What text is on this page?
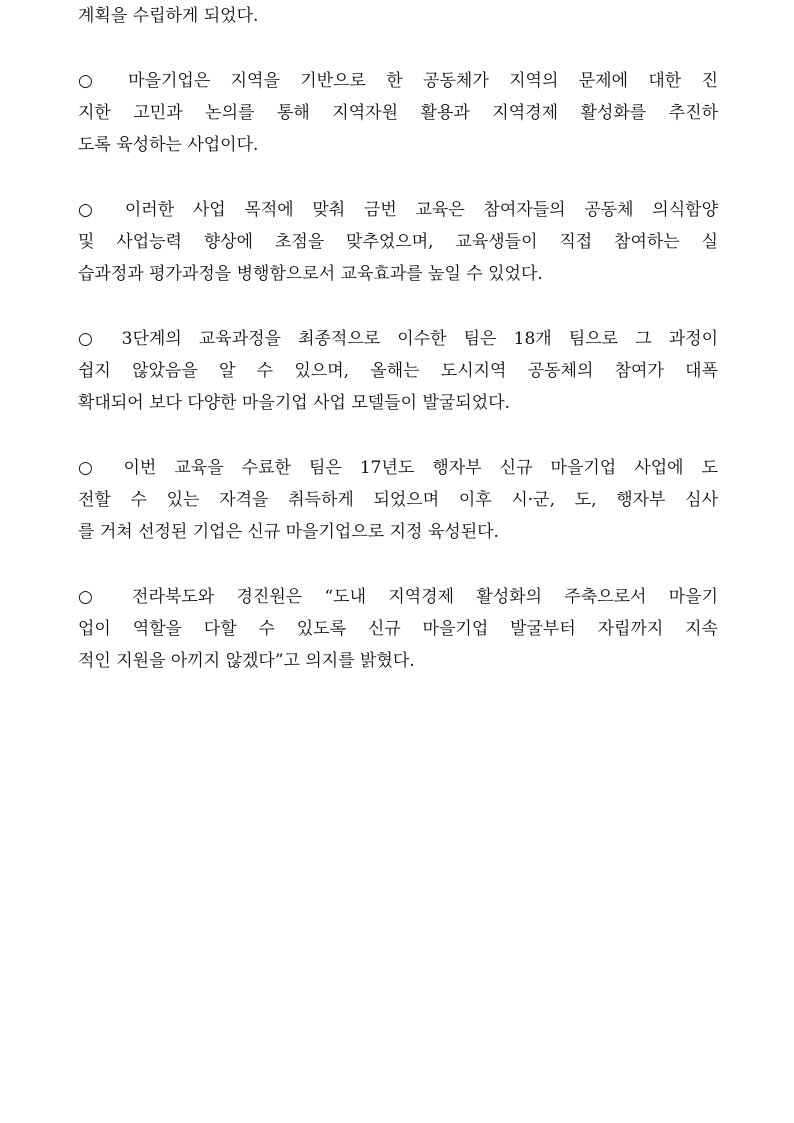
계획을 수립하게 되었다.
○ 마을기업은 지역을 기반으로 한 공동체가 지역의 문제에 대한 진
지한 고민과 논의를 통해 지역자원 활용과 지역경제 활성화를 추진하
도록 육성하는 사업이다.
○ 이러한 사업 목적에 맞춰 금번 교육은 참여자들의 공동체 의식함양
및 사업능력 향상에 초점을 맞추었으며, 교육생들이 직접 참여하는 실
습과정과 평가과정을 병행함으로서 교육효과를 높일 수 있었다.
○ 3단계의 교육과정을 최종적으로 이수한 팀은 18개 팀으로 그 과정이
쉽지 않았음을 알 수 있으며, 올해는 도시지역 공동체의 참여가 대폭
확대되어 보다 다양한 마을기업 사업 모델들이 발굴되었다.
○ 이번 교육을 수료한 팀은 17년도 행자부 신규 마을기업 사업에 도
전할 수 있는 자격을 취득하게 되었으며 이후 시·군, 도, 행자부 심사
를 거쳐 선정된 기업은 신규 마을기업으로 지정 육성된다.
○ 전라북도와 경진원은 “도내 지역경제 활성화의 주축으로서 마을기
업이 역할을 다할 수 있도록 신규 마을기업 발굴부터 자립까지 지속
적인 지원을 아끼지 않겠다”고 의지를 밝혔다.
